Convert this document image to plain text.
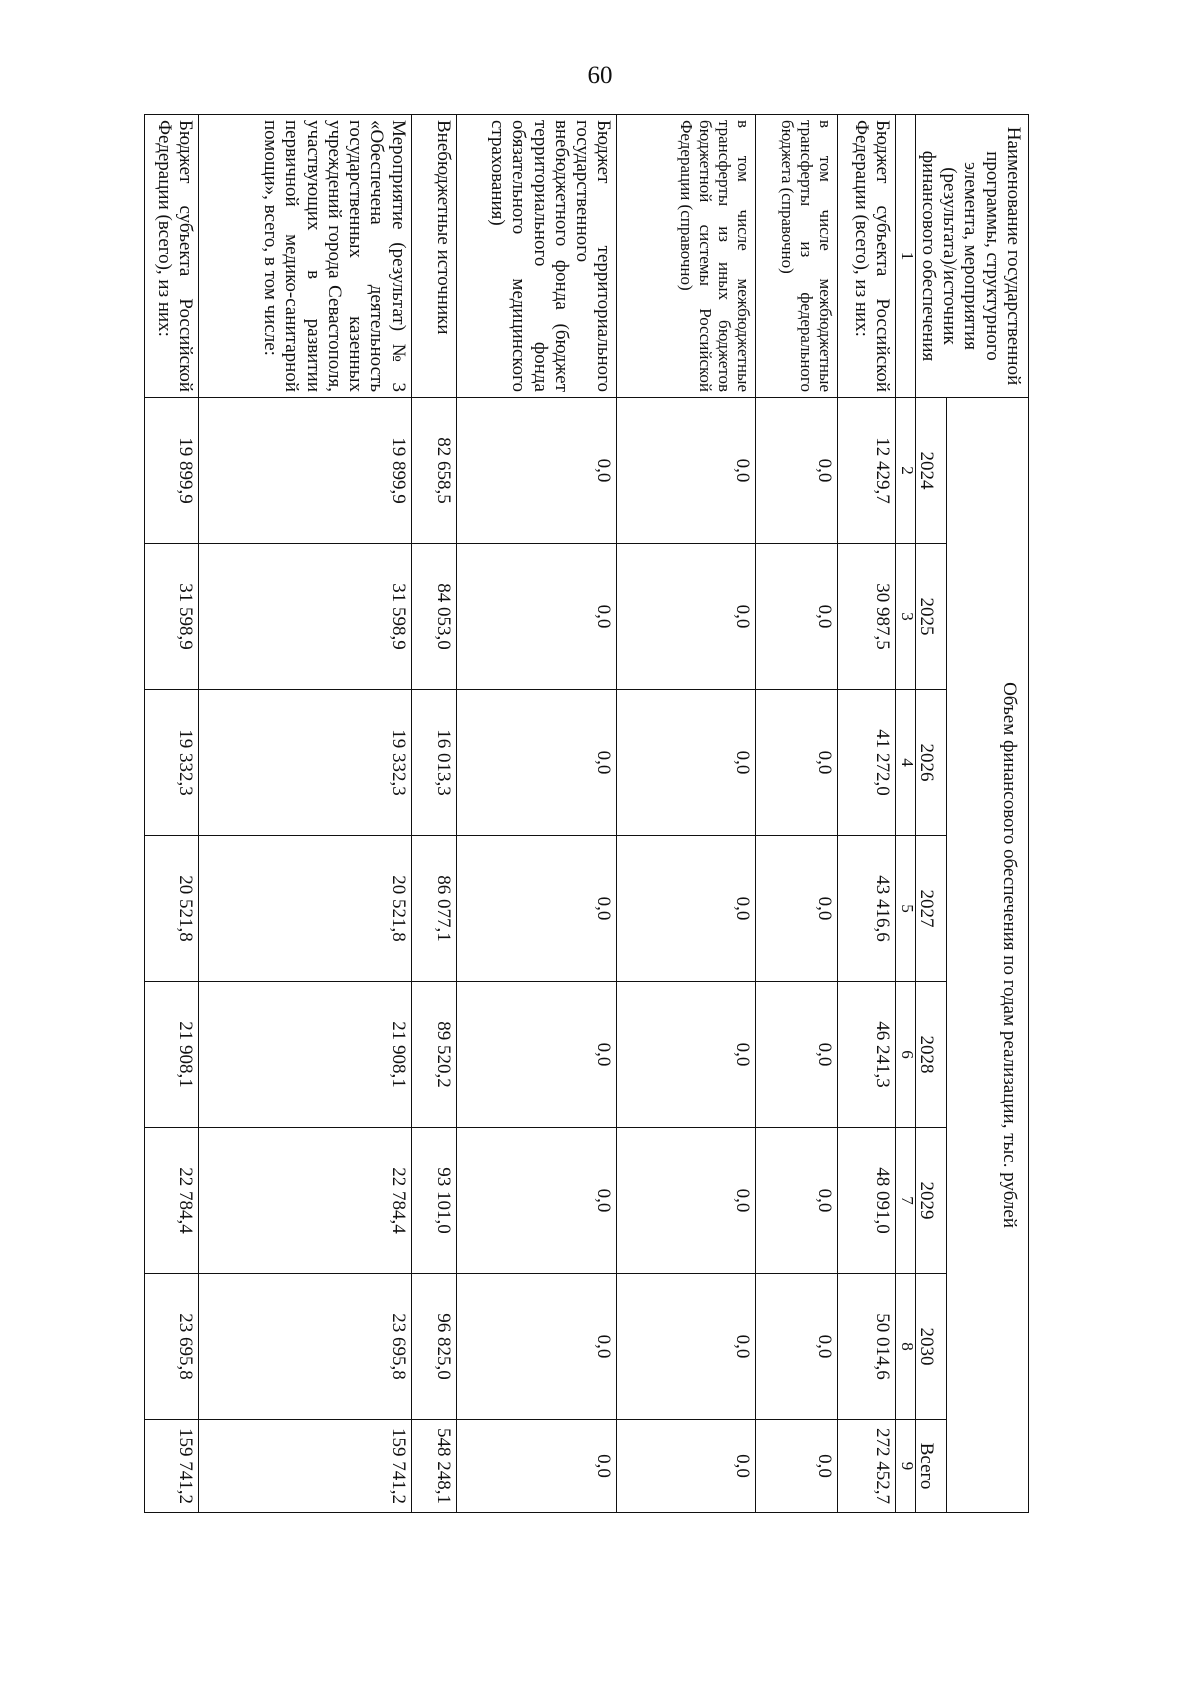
60
Наименование государственной программы, структурного элемента, мероприятия (результата)/источник финансового обеспечения	Объем финансового обеспечения по годам реализации, тыс. рублей							
	2024	2025	2026	2027	2028	2029	2030	Всего
1	2	3	4	5	6	7	8	9
Бюджет субъекта Российской Федерации (всего), из них:	12 429,7	30 987,5	41 272,0	43 416,6	46 241,3	48 091,0	50 014,6	272 452,7
в том числе межбюджетные трансферты из федерального бюджета (справочно)	0,0	0,0	0,0	0,0	0,0	0,0	0,0	0,0
в том числе межбюджетные трансферты из иных бюджетов бюджетной системы Российской Федерации (справочно)	0,0	0,0	0,0	0,0	0,0	0,0	0,0	0,0
Бюджет территориального государственного внебюджетного фонда (бюджет территориального фонда обязательного медицинского страхования)	0,0	0,0	0,0	0,0	0,0	0,0	0,0	0,0
Внебюджетные источники	82 658,5	84 053,0	16 013,3	86 077,1	89 520,2	93 101,0	96 825,0	548 248,1
Мероприятие (результат) № 3 «Обеспечена деятельность государственных казенных учреждений города Севастополя, участвующих в развитии первичной медико-санитарной помощи», всего, в том числе:	19 899,9	31 598,9	19 332,3	20 521,8	21 908,1	22 784,4	23 695,8	159 741,2
Бюджет субъекта Российской Федерации (всего), из них:	19 899,9	31 598,9	19 332,3	20 521,8	21 908,1	22 784,4	23 695,8	159 741,2
